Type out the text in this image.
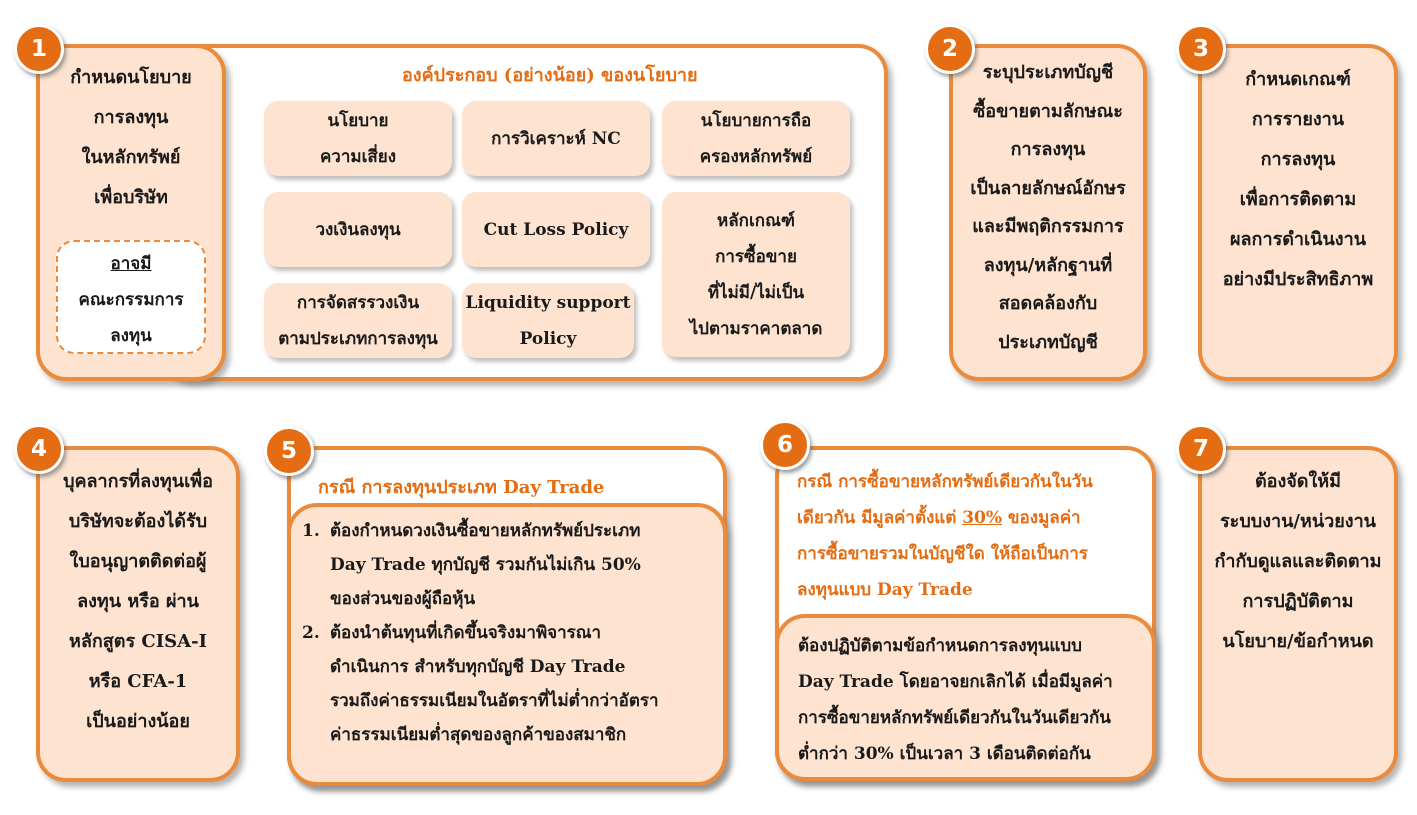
องค์ประกอบ (อย่างน้อย) ของนโยบาย
นโยบาย
ความเสี่ยง
การวิเคราะห์ NC
นโยบายการถือ
ครองหลักทรัพย์
วงเงินลงทุน	Cut Loss Policy	หลักเกณฑ์
การซื้อขาย
ที่ไม่มี/ไม่เป็น
ไปตามราคาตลาด
การจัดสรรวงเงิน
ตามประเภทการลงทุน
Liquidity support
Policy
1
กำหนดนโยบาย
การลงทุน
ในหลักทรัพย์
เพื่อบริษัท
อาจมี
คณะกรรมการ
ลงทุน
2
ระบุประเภทบัญชี
ซื้อขายตามลักษณะ
การลงทุน
เป็นลายลักษณ์อักษร
และมีพฤติกรรมการ
ลงทุน/หลักฐานที่
สอดคล้องกับ
ประเภทบัญชี
3
กำหนดเกณฑ์
การรายงาน
การลงทุน
เพื่อการติดตาม
ผลการดำเนินงาน
อย่างมีประสิทธิภาพ
4
บุคลากรที่ลงทุนเพื่อ
บริษัทจะต้องได้รับ
ใบอนุญาตติดต่อผู้
ลงทุน หรือ ผ่าน
หลักสูตร CISA-I
หรือ CFA-1
เป็นอย่างน้อย
5
กรณี การลงทุนประเภท Day Trade
1. ต้องกำหนดวงเงินซื้อขายหลักทรัพย์ประเภท
Day Trade ทุกบัญชี รวมกันไม่เกิน 50%
ของส่วนของผู้ถือหุ้น
2. ต้องนำต้นทุนที่เกิดขึ้นจริงมาพิจารณา
ดำเนินการ สำหรับทุกบัญชี Day Trade
รวมถึงค่าธรรมเนียมในอัตราที่ไม่ต่ำกว่าอัตรา
ค่าธรรมเนียมต่ำสุดของลูกค้าของสมาชิก
6
กรณี การซื้อขายหลักทรัพย์เดียวกันในวัน
เดียวกัน มีมูลค่าตั้งแต่ 30% ของมูลค่า
การซื้อขายรวมในบัญชีใด ให้ถือเป็นการ
ลงทุนแบบ Day Trade
ต้องปฏิบัติตามข้อกำหนดการลงทุนแบบ
Day Trade โดยอาจยกเลิกได้ เมื่อมีมูลค่า
การซื้อขายหลักทรัพย์เดียวกันในวันเดียวกัน
ต่ำกว่า 30% เป็นเวลา 3 เดือนติดต่อกัน
7
ต้องจัดให้มี
ระบบงาน/หน่วยงาน
กำกับดูแลและติดตาม
การปฏิบัติตาม
นโยบาย/ข้อกำหนด
